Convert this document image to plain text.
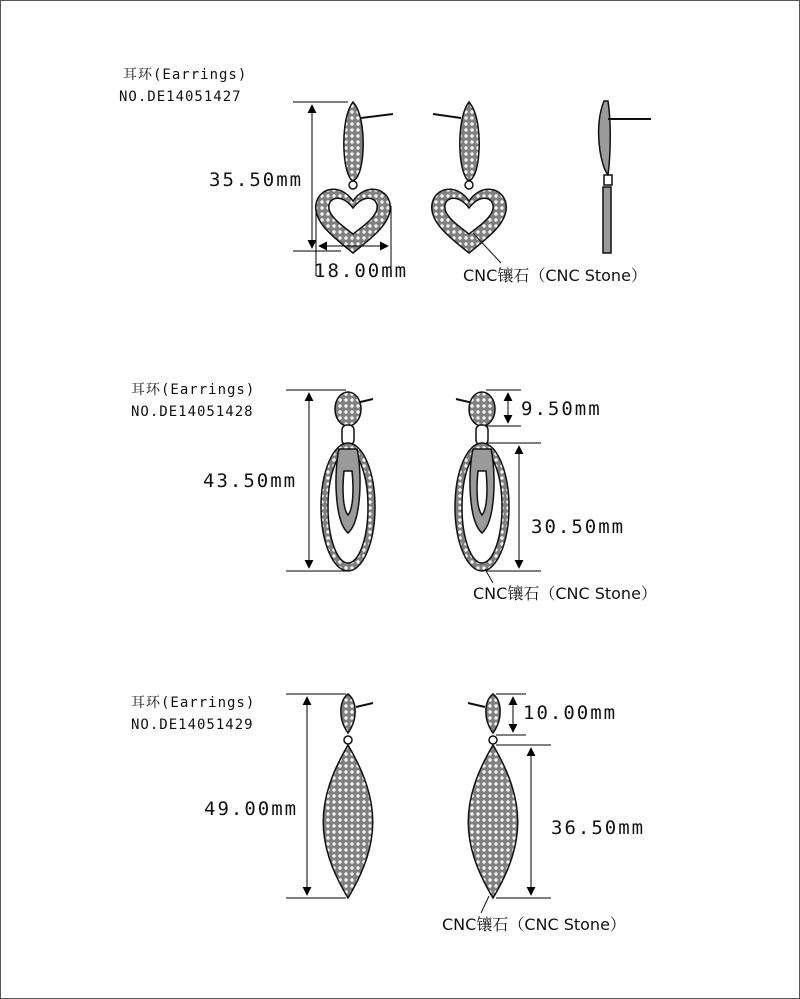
耳环(Earrings)
NO.DE14051427
35.50mm
18.00mm	CNC镶石（CNC Stone）
耳环(Earrings)
NO.DE14051428
43.50mm
9.50mm
30.50mm
CNC镶石（CNC Stone）
耳环(Earrings)
NO.DE14051429
49.00mm
10.00mm
36.50mm
CNC镶石（CNC Stone）
